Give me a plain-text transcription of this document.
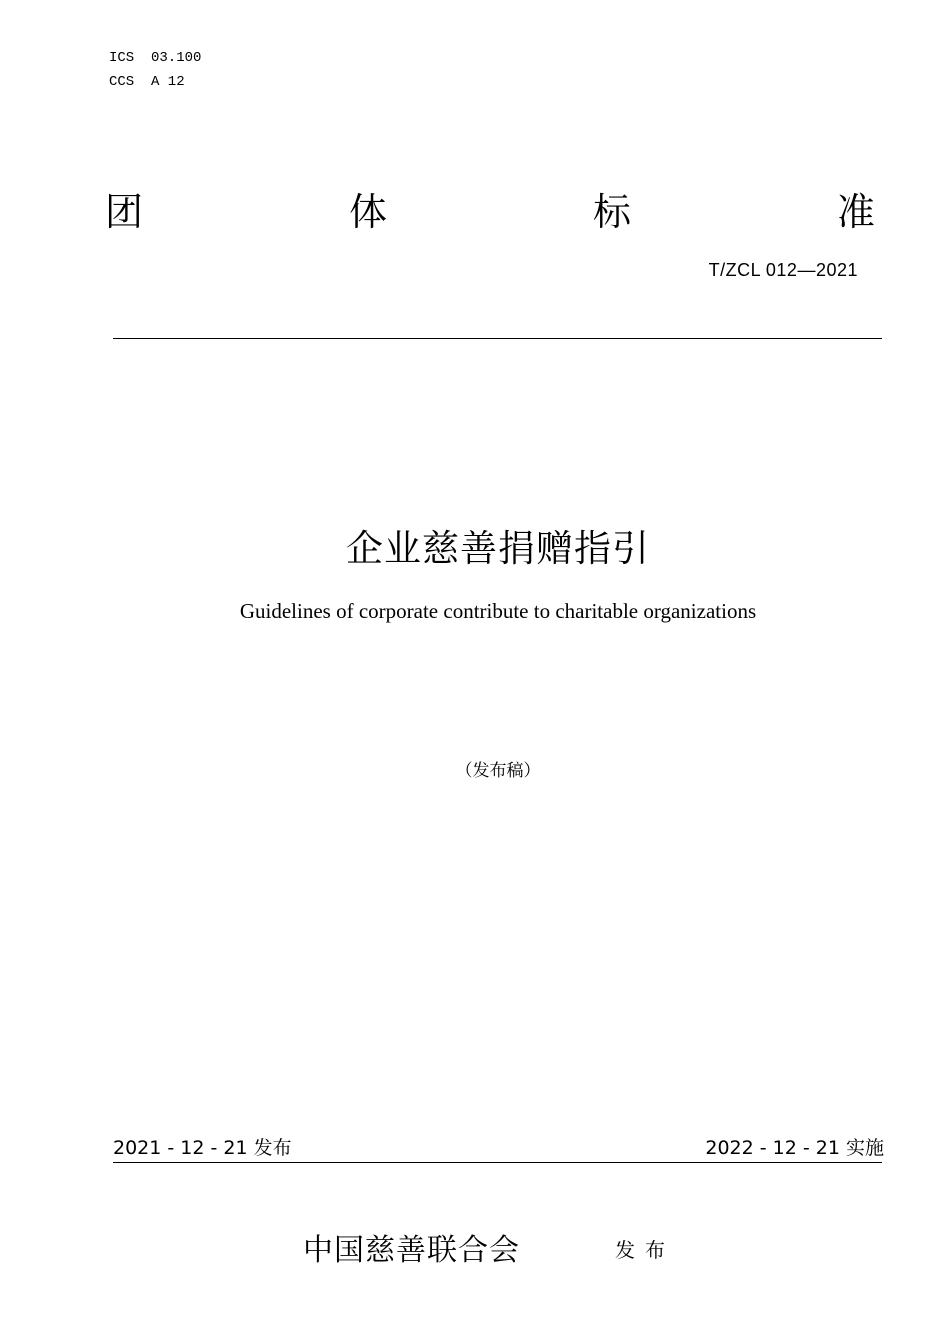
ICS  03.100
CCS  A 12
团	体	标	准
T/ZCL 012—2021
企业慈善捐赠指引
Guidelines of corporate contribute to charitable organizations
（发布稿）
2021 - 12 - 21 发布	2022 - 12 - 21 实施
中国慈善联合会	发布
